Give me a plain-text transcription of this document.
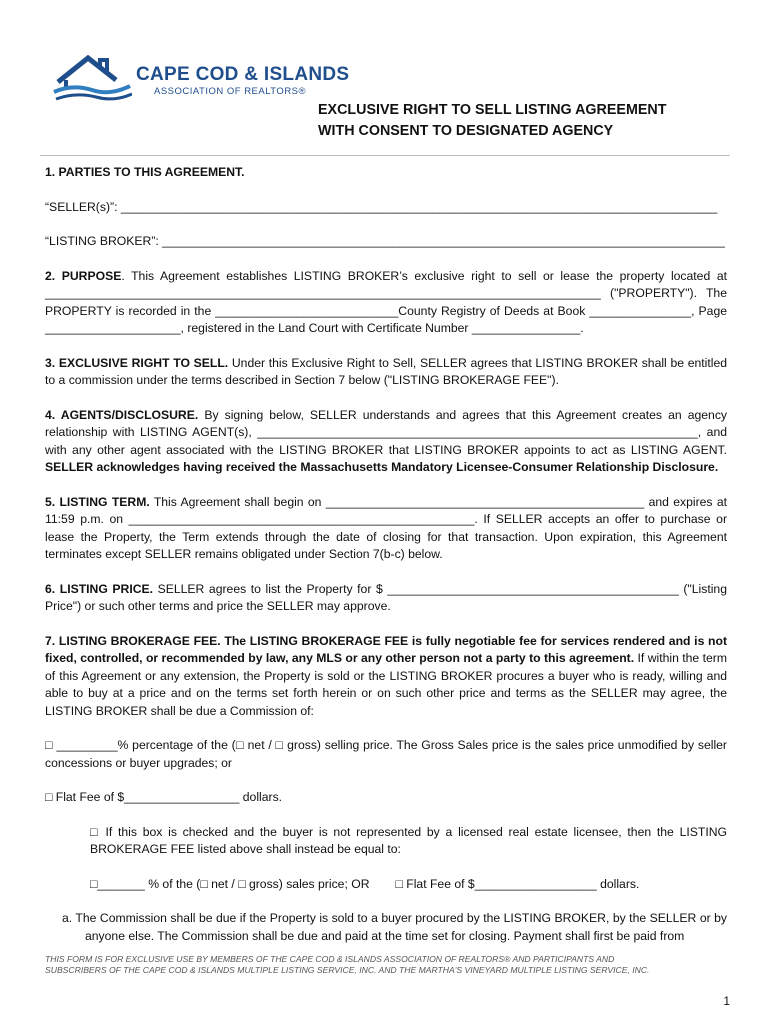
CAPE COD & ISLANDS
ASSOCIATION OF REALTORS®
EXCLUSIVE RIGHT TO SELL LISTING AGREEMENT
WITH CONSENT TO DESIGNATED AGENCY

1. PARTIES TO THIS AGREEMENT.

“SELLER(s)”: ________________________________________________________________________________________

“LISTING BROKER”: ___________________________________________________________________________________

2. PURPOSE. This Agreement establishes LISTING BROKER’s exclusive right to sell or lease the property located at __________________________________________________________________________________ ("PROPERTY"). The PROPERTY is recorded in the ___________________________County Registry of Deeds at Book _______________, Page ____________________, registered in the Land Court with Certificate Number ________________.

3. EXCLUSIVE RIGHT TO SELL. Under this Exclusive Right to Sell, SELLER agrees that LISTING BROKER shall be entitled to a commission under the terms described in Section 7 below ("LISTING BROKERAGE FEE").

4. AGENTS/DISCLOSURE. By signing below, SELLER understands and agrees that this Agreement creates an agency relationship with LISTING AGENT(s), _________________________________________________________________, and with any other agent associated with the LISTING BROKER that LISTING BROKER appoints to act as LISTING AGENT. SELLER acknowledges having received the Massachusetts Mandatory Licensee-Consumer Relationship Disclosure.

5. LISTING TERM. This Agreement shall begin on _______________________________________________ and expires at 11:59 p.m. on ___________________________________________________. If SELLER accepts an offer to purchase or lease the Property, the Term extends through the date of closing for that transaction. Upon expiration, this Agreement terminates except SELLER remains obligated under Section 7(b-c) below.

6. LISTING PRICE. SELLER agrees to list the Property for $ ___________________________________________ ("Listing Price") or such other terms and price the SELLER may approve.

7. LISTING BROKERAGE FEE. The LISTING BROKERAGE FEE is fully negotiable fee for services rendered and is not fixed, controlled, or recommended by law, any MLS or any other person not a party to this agreement. If within the term of this Agreement or any extension, the Property is sold or the LISTING BROKER procures a buyer who is ready, willing and able to buy at a price and on the terms set forth herein or on such other price and terms as the SELLER may agree, the LISTING BROKER shall be due a Commission of:

□ _________% percentage of the (□ net / □ gross) selling price. The Gross Sales price is the sales price unmodified by seller concessions or buyer upgrades; or

□ Flat Fee of $_________________ dollars.

□ If this box is checked and the buyer is not represented by a licensed real estate licensee, then the LISTING BROKERAGE FEE listed above shall instead be equal to:

□_______ % of the (□ net / □ gross) sales price; OR □ Flat Fee of $__________________ dollars.

a. The Commission shall be due if the Property is sold to a buyer procured by the LISTING BROKER, by the SELLER or by anyone else. The Commission shall be due and paid at the time set for closing. Payment shall first be paid from

THIS FORM IS FOR EXCLUSIVE USE BY MEMBERS OF THE CAPE COD & ISLANDS ASSOCIATION OF REALTORS® AND PARTICIPANTS AND
SUBSCRIBERS OF THE CAPE COD & ISLANDS MULTIPLE LISTING SERVICE, INC. AND THE MARTHA'S VINEYARD MULTIPLE LISTING SERVICE, INC.
1
